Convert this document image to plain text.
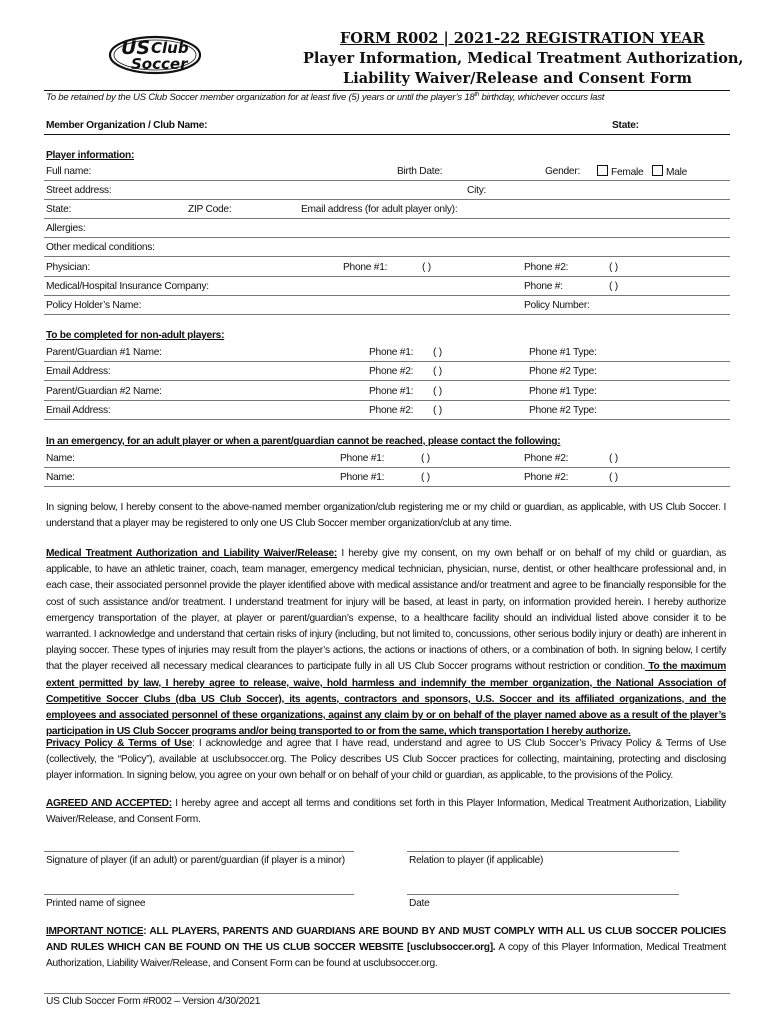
US Club
Soccer
FORM R002 | 2021-22 REGISTRATION YEAR
Player Information, Medical Treatment Authorization,
Liability Waiver/Release and Consent Form
To be retained by the US Club Soccer member organization for at least five (5) years or until the player’s 18th birthday, whichever occurs last
Member Organization / Club Name:	State:
Player information:
Full name:	Birth Date:	Gender:	Female	Male
Street address:	City:
State:	ZIP Code:	Email address (for adult player only):
Allergies:
Other medical conditions:
Physician:	Phone #1:	( )	Phone #2:	( )
Medical/Hospital Insurance Company:	Phone #:	( )
Policy Holder’s Name:	Policy Number:
To be completed for non-adult players:
Parent/Guardian #1 Name:	Phone #1: ( )	Phone #1 Type:
Email Address:	Phone #2: ( )	Phone #2 Type:
Parent/Guardian #2 Name:	Phone #1: ( )	Phone #1 Type:
Email Address:	Phone #2: ( )	Phone #2 Type:
In an emergency, for an adult player or when a parent/guardian cannot be reached, please contact the following:
Name:	Phone #1:	( )	Phone #2:	( )
Name:	Phone #1:	( )	Phone #2:	( )
In signing below, I hereby consent to the above-named member organization/club registering me or my child or guardian, as applicable, with US Club Soccer. I understand that a player may be registered to only one US Club Soccer member organization/club at any time.
Medical Treatment Authorization and Liability Waiver/Release: I hereby give my consent, on my own behalf or on behalf of my child or guardian, as applicable, to have an athletic trainer, coach, team manager, emergency medical technician, physician, nurse, dentist, or other healthcare professional and, in each case, their associated personnel provide the player identified above with medical assistance and/or treatment and agree to be financially responsible for the cost of such assistance and/or treatment. I understand treatment for injury will be based, at least in party, on information provided herein. I hereby authorize emergency transportation of the player, at player or parent/guardian’s expense, to a healthcare facility should an individual listed above consider it to be warranted. I acknowledge and understand that certain risks of injury (including, but not limited to, concussions, other serious bodily injury or death) are inherent in playing soccer. These types of injuries may result from the player’s actions, the actions or inactions of others, or a combination of both. In signing below, I certify that the player received all necessary medical clearances to participate fully in all US Club Soccer programs without restriction or condition. To the maximum extent permitted by law, I hereby agree to release, waive, hold harmless and indemnify the member organization, the National Association of Competitive Soccer Clubs (dba US Club Soccer), its agents, contractors and sponsors, U.S. Soccer and its affiliated organizations, and the employees and associated personnel of these organizations, against any claim by or on behalf of the player named above as a result of the player’s participation in US Club Soccer programs and/or being transported to or from the same, which transportation I hereby authorize.
Privacy Policy & Terms of Use: I acknowledge and agree that I have read, understand and agree to US Club Soccer’s Privacy Policy & Terms of Use (collectively, the “Policy”), available at usclubsoccer.org. The Policy describes US Club Soccer practices for collecting, maintaining, protecting and disclosing player information. In signing below, you agree on your own behalf or on behalf of your child or guardian, as applicable, to the provisions of the Policy.
AGREED AND ACCEPTED: I hereby agree and accept all terms and conditions set forth in this Player Information, Medical Treatment Authorization, Liability Waiver/Release, and Consent Form.
Signature of player (if an adult) or parent/guardian (if player is a minor)	Relation to player (if applicable)
Printed name of signee	Date
IMPORTANT NOTICE: ALL PLAYERS, PARENTS AND GUARDIANS ARE BOUND BY AND MUST COMPLY WITH ALL US CLUB SOCCER POLICIES AND RULES WHICH CAN BE FOUND ON THE US CLUB SOCCER WEBSITE [usclubsoccer.org]. A copy of this Player Information, Medical Treatment Authorization, Liability Waiver/Release, and Consent Form can be found at usclubsoccer.org.
US Club Soccer Form #R002 – Version 4/30/2021
